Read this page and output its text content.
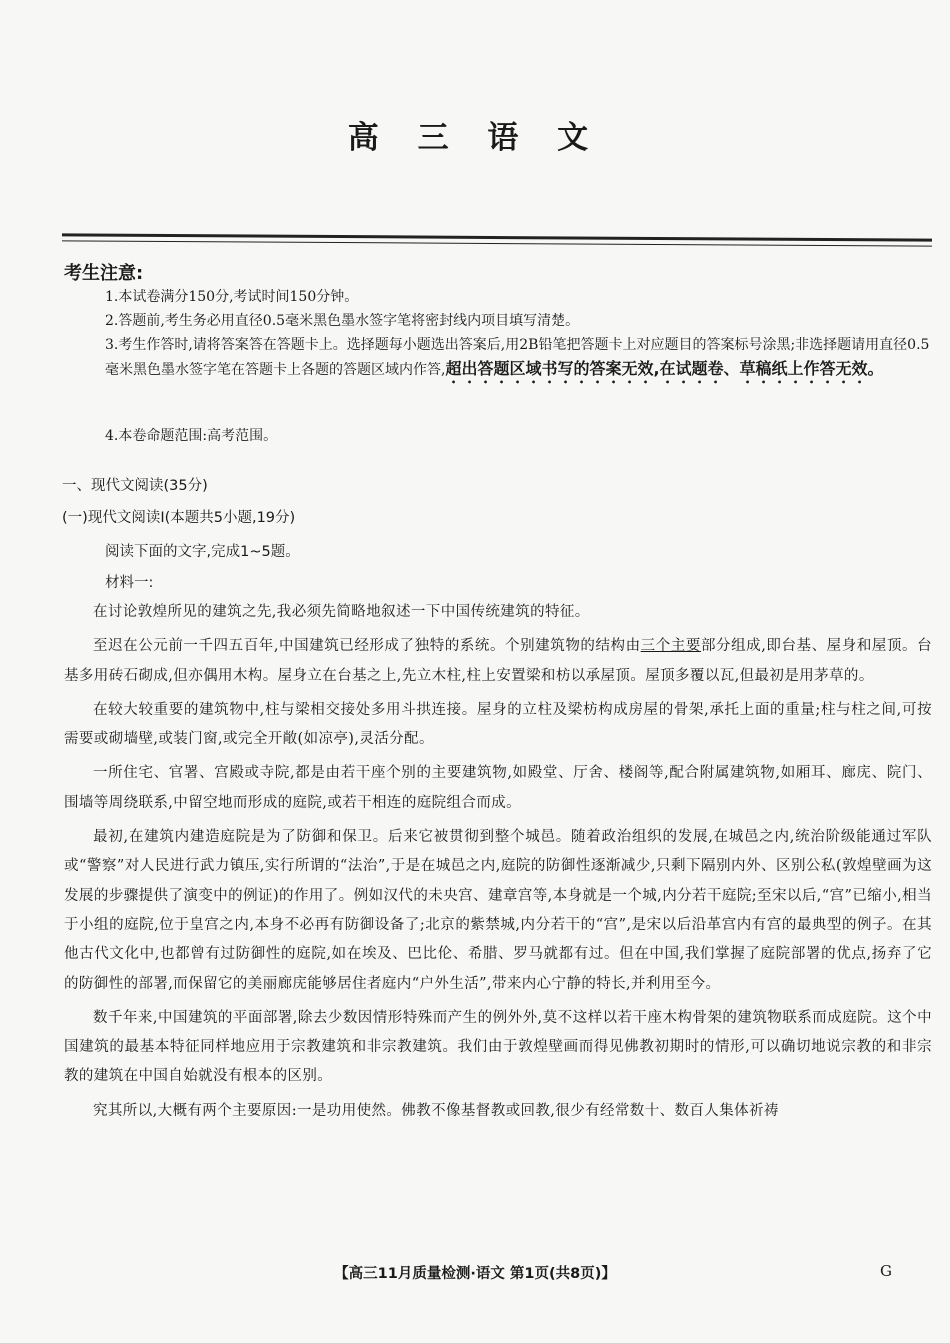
高 三 语 文
考生注意:
1.本试卷满分150分,考试时间150分钟。
2.答题前,考生务必用直径0.5毫米黑色墨水签字笔将密封线内项目填写清楚。
3.考生作答时,请将答案答在答题卡上。选择题每小题选出答案后,用2B铅笔把答题卡上对应题目的答案标号涂黑;非选择题请用直径0.5毫米黑色墨水签字笔在答题卡上各题的答题区域内作答,超出答题区域书写的答案无效,在试题卷、草稿纸上作答无效。
4.本卷命题范围:高考范围。
一、现代文阅读(35分)
(一)现代文阅读Ⅰ(本题共5小题,19分)
阅读下面的文字,完成1~5题。
材料一:

在讨论敦煌所见的建筑之先,我必须先简略地叙述一下中国传统建筑的特征。

至迟在公元前一千四五百年,中国建筑已经形成了独特的系统。个别建筑物的结构由三个主要部分组成,即台基、屋身和屋顶。台基多用砖石砌成,但亦偶用木构。屋身立在台基之上,先立木柱,柱上安置梁和枋以承屋顶。屋顶多覆以瓦,但最初是用茅草的。

在较大较重要的建筑物中,柱与梁相交接处多用斗拱连接。屋身的立柱及梁枋构成房屋的骨架,承托上面的重量;柱与柱之间,可按需要或砌墙壁,或装门窗,或完全开敞(如凉亭),灵活分配。

一所住宅、官署、宫殿或寺院,都是由若干座个别的主要建筑物,如殿堂、厅舍、楼阁等,配合附属建筑物,如厢耳、廊庑、院门、围墙等周绕联系,中留空地而形成的庭院,或若干相连的庭院组合而成。

最初,在建筑内建造庭院是为了防御和保卫。后来它被贯彻到整个城邑。随着政治组织的发展,在城邑之内,统治阶级能通过军队或“警察”对人民进行武力镇压,实行所谓的“法治”,于是在城邑之内,庭院的防御性逐渐减少,只剩下隔别内外、区别公私(敦煌壁画为这发展的步骤提供了演变中的例证)的作用了。例如汉代的未央宫、建章宫等,本身就是一个城,内分若干庭院;至宋以后,“宫”已缩小,相当于小组的庭院,位于皇宫之内,本身不必再有防御设备了;北京的紫禁城,内分若干的“宫”,是宋以后沿革宫内有宫的最典型的例子。在其他古代文化中,也都曾有过防御性的庭院,如在埃及、巴比伦、希腊、罗马就都有过。但在中国,我们掌握了庭院部署的优点,扬弃了它的防御性的部署,而保留它的美丽廊庑能够居住者庭内“户外生活”,带来内心宁静的特长,并利用至今。

数千年来,中国建筑的平面部署,除去少数因情形特殊而产生的例外外,莫不这样以若干座木构骨架的建筑物联系而成庭院。这个中国建筑的最基本特征同样地应用于宗教建筑和非宗教建筑。我们由于敦煌壁画而得见佛教初期时的情形,可以确切地说宗教的和非宗教的建筑在中国自始就没有根本的区别。

究其所以,大概有两个主要原因:一是功用使然。佛教不像基督教或回教,很少有经常数十、数百人集体祈祷

【高三11月质量检测·语文 第1页(共8页)】	G
